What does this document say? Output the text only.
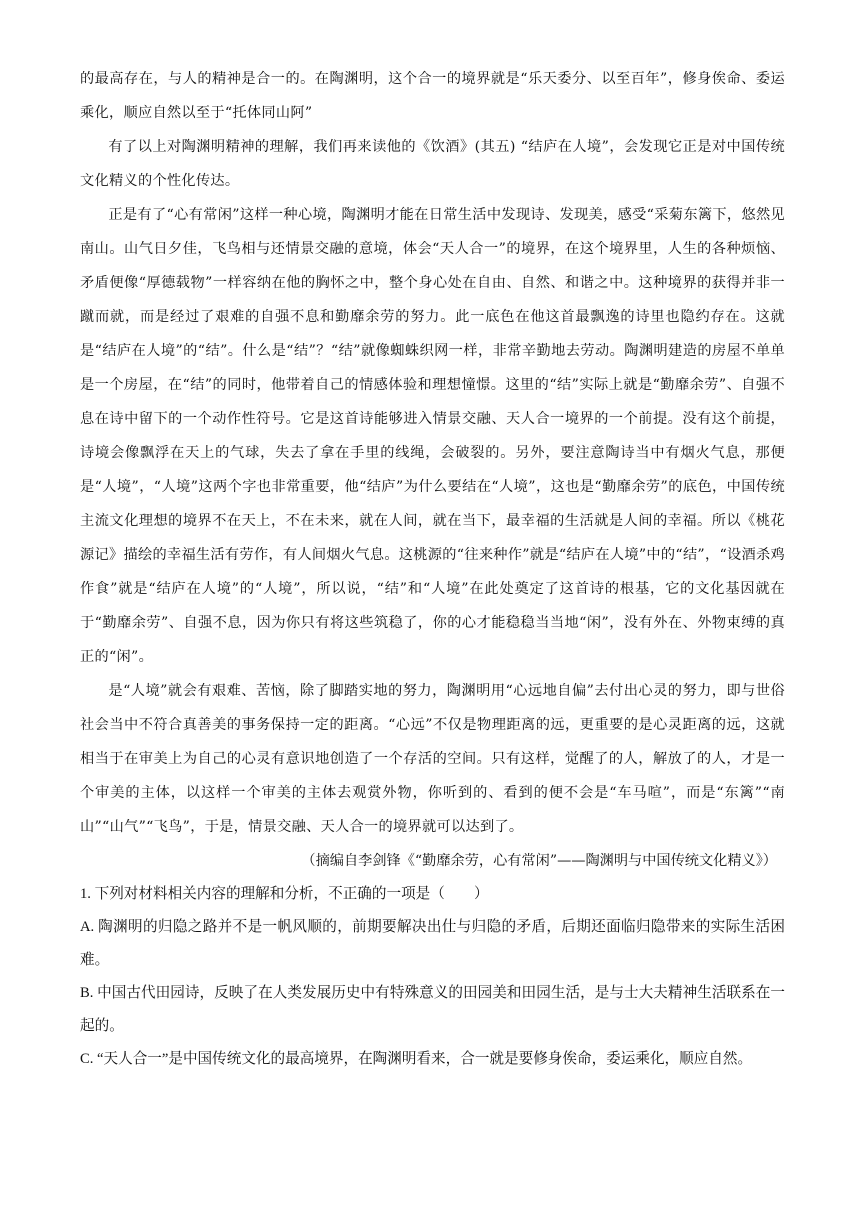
的最高存在，与人的精神是合一的。在陶渊明，这个合一的境界就是“乐天委分、以至百年”，修身俟命、委运乘化，顺应自然以至于“托体同山阿”

有了以上对陶渊明精神的理解，我们再来读他的《饮酒》(其五) “结庐在人境”，会发现它正是对中国传统文化精义的个性化传达。

正是有了“心有常闲”这样一种心境，陶渊明才能在日常生活中发现诗、发现美，感受“采菊东篱下，悠然见南山。山气日夕佳，飞鸟相与还情景交融的意境，体会“天人合一”的境界，在这个境界里，人生的各种烦恼、矛盾便像“厚德载物”一样容纳在他的胸怀之中，整个身心处在自由、自然、和谐之中。这种境界的获得并非一蹴而就，而是经过了艰难的自强不息和勤靡余劳的努力。此一底色在他这首最飘逸的诗里也隐约存在。这就是“结庐在人境”的“结”。什么是“结”？“结”就像蜘蛛织网一样，非常辛勤地去劳动。陶渊明建造的房屋不单单是一个房屋，在“结”的同时，他带着自己的情感体验和理想憧憬。这里的“结”实际上就是“勤靡余劳”、自强不息在诗中留下的一个动作性符号。它是这首诗能够进入情景交融、天人合一境界的一个前提。没有这个前提，诗境会像飘浮在天上的气球，失去了拿在手里的线绳，会破裂的。另外，要注意陶诗当中有烟火气息，那便是“人境”，“人境”这两个字也非常重要，他“结庐”为什么要结在“人境”，这也是“勤靡余劳”的底色，中国传统主流文化理想的境界不在天上，不在未来，就在人间，就在当下，最幸福的生活就是人间的幸福。所以《桃花源记》描绘的幸福生活有劳作，有人间烟火气息。这桃源的“往来种作”就是“结庐在人境”中的“结”，“设酒杀鸡作食”就是“结庐在人境”的“人境”，所以说，“结”和“人境”在此处奠定了这首诗的根基，它的文化基因就在于“勤靡余劳”、自强不息，因为你只有将这些筑稳了，你的心才能稳稳当当地“闲”，没有外在、外物束缚的真正的“闲”。

是“人境”就会有艰难、苦恼，除了脚踏实地的努力，陶渊明用“心远地自偏”去付出心灵的努力，即与世俗社会当中不符合真善美的事务保持一定的距离。“心远”不仅是物理距离的远，更重要的是心灵距离的远，这就相当于在审美上为自己的心灵有意识地创造了一个存活的空间。只有这样，觉醒了的人，解放了的人，才是一个审美的主体，以这样一个审美的主体去观赏外物，你听到的、看到的便不会是“车马喧”，而是“东篱”“南山”“山气”“飞鸟”，于是，情景交融、天人合一的境界就可以达到了。

（摘编自李剑锋《“勤靡余劳，心有常闲”——陶渊明与中国传统文化精义》）

1. 下列对材料相关内容的理解和分析，不正确的一项是（　　）

A. 陶渊明的归隐之路并不是一帆风顺的，前期要解决出仕与归隐的矛盾，后期还面临归隐带来的实际生活困难。

B. 中国古代田园诗，反映了在人类发展历史中有特殊意义的田园美和田园生活，是与士大夫精神生活联系在一起的。

C. “天人合一”是中国传统文化的最高境界，在陶渊明看来，合一就是要修身俟命，委运乘化，顺应自然。
